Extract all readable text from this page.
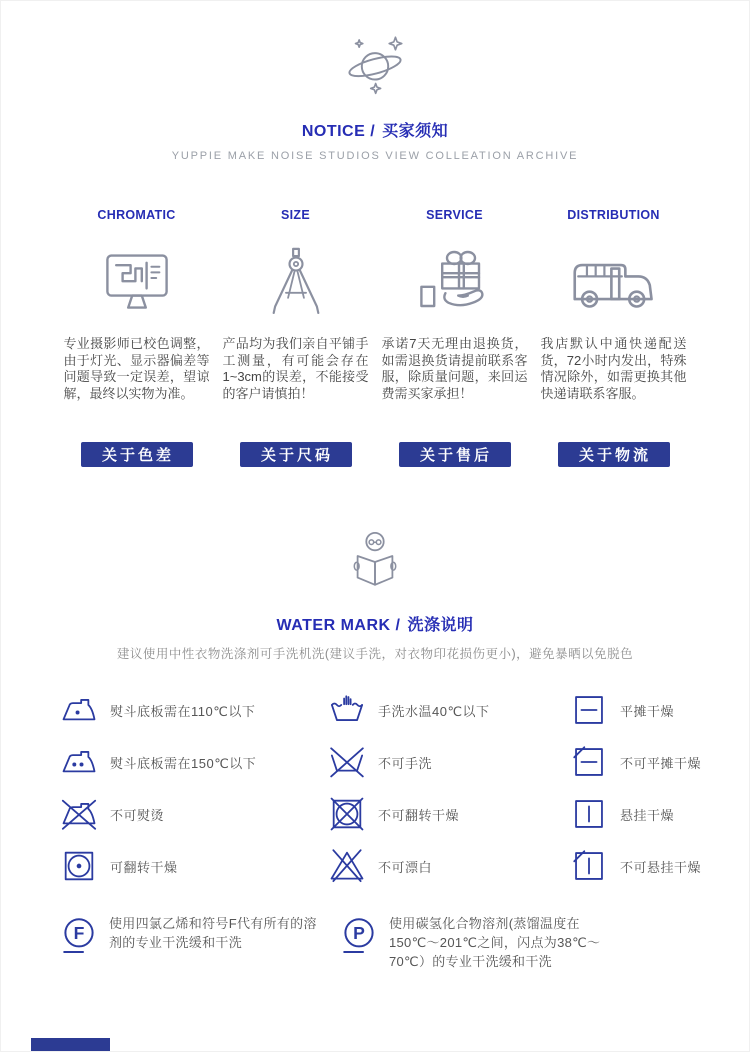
NOTICE / 买家须知
YUPPIE MAKE NOISE STUDIOS VIEW COLLEATION ARCHIVE
CHROMATIC
专业摄影师已校色调整，由于灯光、显示器偏差等问题导致一定误差，望谅解，最终以实物为准。
关于色差
SIZE
产品均为我们亲自平铺手工测量，有可能会存在1~3cm的误差，不能接受的客户请慎拍！
关于尺码
SERVICE
承诺7天无理由退换货，如需退换货请提前联系客服，除质量问题，来回运费需买家承担！
关于售后
DISTRIBUTION
我店默认中通快递配送货，72小时内发出，特殊情况除外，如需更换其他快递请联系客服。
关于物流
WATER MARK / 洗涤说明
建议使用中性衣物洗涤剂可手洗机洗(建议手洗，对衣物印花损伤更小)，避免暴晒以免脱色
熨斗底板需在110℃以下	手洗水温40℃以下	平摊干燥
熨斗底板需在150℃以下	不可手洗	不可平摊干燥
不可熨烫	不可翻转干燥	悬挂干燥
可翻转干燥	不可漂白	不可悬挂干燥
F 使用四氯乙烯和符号F代有所有的溶剂的专业干洗缓和干洗	P 使用碳氢化合物溶剂(蒸馏温度在150℃～201℃之间，闪点为38℃～70℃）的专业干洗缓和干洗
